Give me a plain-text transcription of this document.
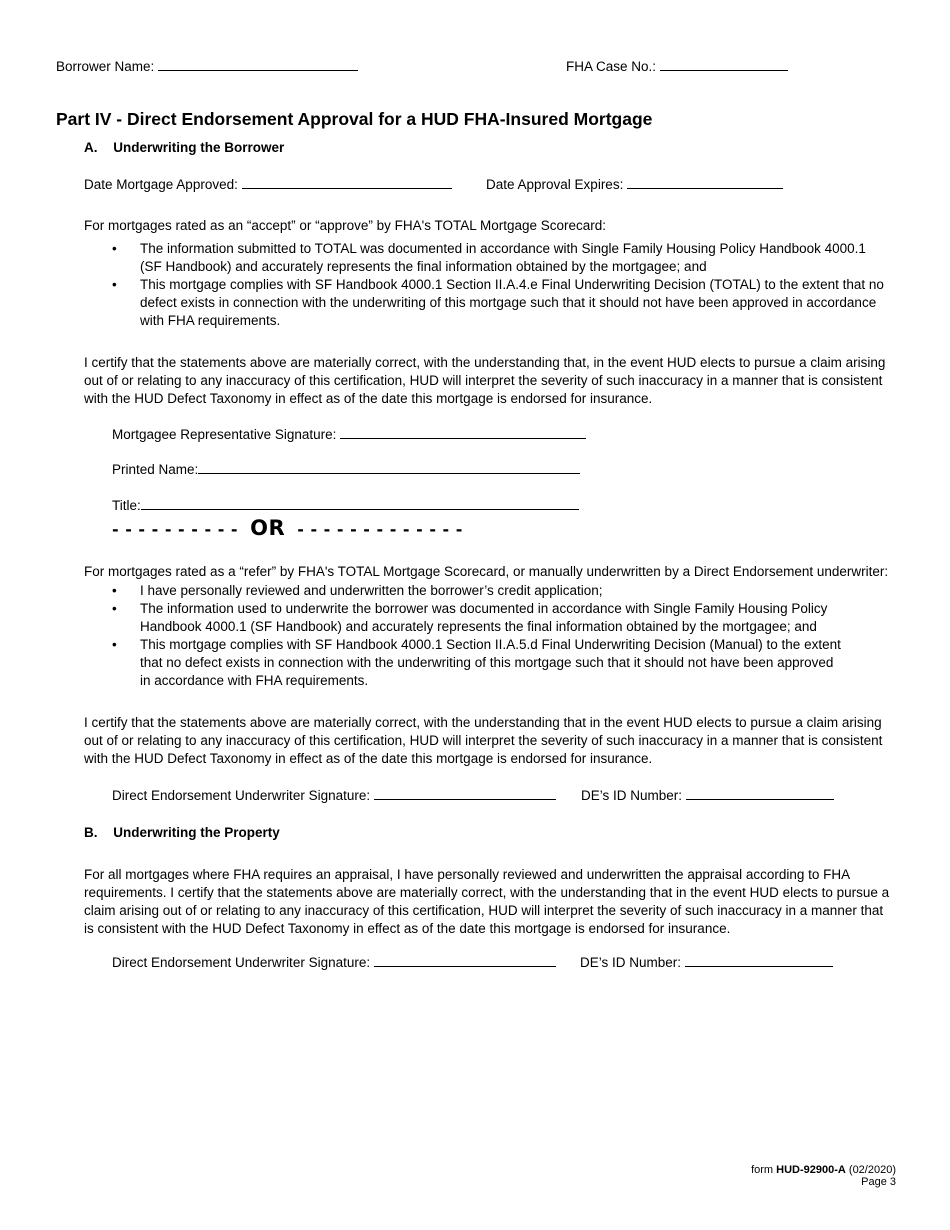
Borrower Name:	FHA Case No.:
Part IV - Direct Endorsement Approval for a HUD FHA-Insured Mortgage
A. Underwriting the Borrower
Date Mortgage Approved:	Date Approval Expires:
For mortgages rated as an “accept” or “approve” by FHA's TOTAL Mortgage Scorecard:
• The information submitted to TOTAL was documented in accordance with Single Family Housing Policy Handbook 4000.1 (SF Handbook) and accurately represents the final information obtained by the mortgagee; and
• This mortgage complies with SF Handbook 4000.1 Section II.A.4.e Final Underwriting Decision (TOTAL) to the extent that no defect exists in connection with the underwriting of this mortgage such that it should not have been approved in accordance with FHA requirements.
I certify that the statements above are materially correct, with the understanding that, in the event HUD elects to pursue a claim arising out of or relating to any inaccuracy of this certification, HUD will interpret the severity of such inaccuracy in a manner that is consistent with the HUD Defect Taxonomy in effect as of the date this mortgage is endorsed for insurance.
Mortgagee Representative Signature:
Printed Name:
Title:
- - - - - - - - - - OR - - - - - - - - - - - - -
For mortgages rated as a “refer” by FHA's TOTAL Mortgage Scorecard, or manually underwritten by a Direct Endorsement underwriter:
• I have personally reviewed and underwritten the borrower’s credit application;
• The information used to underwrite the borrower was documented in accordance with Single Family Housing Policy Handbook 4000.1 (SF Handbook) and accurately represents the final information obtained by the mortgagee; and
• This mortgage complies with SF Handbook 4000.1 Section II.A.5.d Final Underwriting Decision (Manual) to the extent that no defect exists in connection with the underwriting of this mortgage such that it should not have been approved in accordance with FHA requirements.
I certify that the statements above are materially correct, with the understanding that in the event HUD elects to pursue a claim arising out of or relating to any inaccuracy of this certification, HUD will interpret the severity of such inaccuracy in a manner that is consistent with the HUD Defect Taxonomy in effect as of the date this mortgage is endorsed for insurance.
Direct Endorsement Underwriter Signature:	DE’s ID Number:
B. Underwriting the Property
For all mortgages where FHA requires an appraisal, I have personally reviewed and underwritten the appraisal according to FHA requirements. I certify that the statements above are materially correct, with the understanding that in the event HUD elects to pursue a claim arising out of or relating to any inaccuracy of this certification, HUD will interpret the severity of such inaccuracy in a manner that is consistent with the HUD Defect Taxonomy in effect as of the date this mortgage is endorsed for insurance.
Direct Endorsement Underwriter Signature:	DE’s ID Number:
form HUD-92900-A (02/2020)
Page 3
